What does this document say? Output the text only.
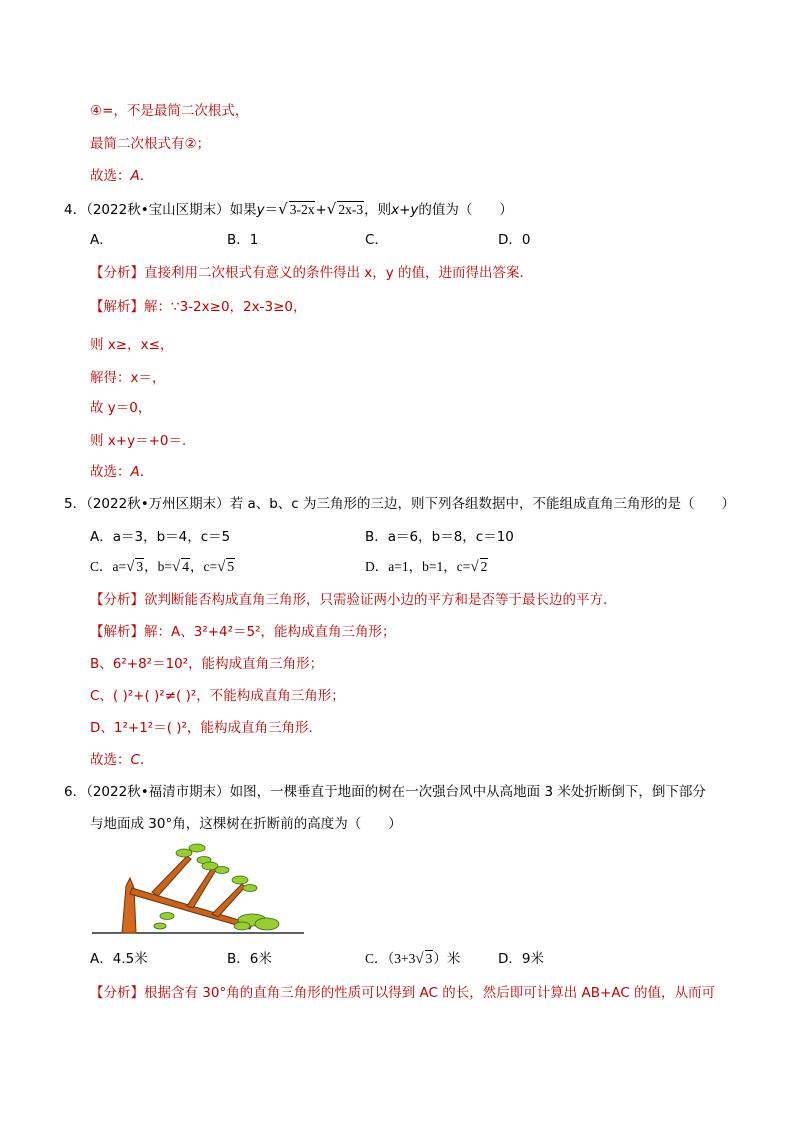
④=，不是最简二次根式，
最简二次根式有②；
故选：A．
4．（2022秋•宝山区期末）如果y＝√ 3-2x+√ 2x-3，则x+y的值为（　　）
A．	B．1	C．	D．0
【分析】直接利用二次根式有意义的条件得出 x，y 的值，进而得出答案．
【解析】解：∵3-2x≥0，2x-3≥0，
则 x≥，x≤，
解得：x＝，
故 y＝0，
则 x+y＝+0＝．
故选：A．
5．（2022秋•万州区期末）若 a、b、c 为三角形的三边，则下列各组数据中，不能组成直角三角形的是（　　）
A．a＝3，b＝4，c＝5	B．a＝6，b＝8，c＝10
C．a=√ 3，b=√ 4，c=√ 5	D．a=1，b=1，c=√ 2
【分析】欲判断能否构成直角三角形，只需验证两小边的平方和是否等于最长边的平方．
【解析】解：A、3²+4²＝5²，能构成直角三角形；
B、6²+8²＝10²，能构成直角三角形；
C、( )²+( )²≠( )²，不能构成直角三角形；
D、1²+1²＝( )²，能构成直角三角形．
故选：C．
6．（2022秋•福清市期末）如图，一棵垂直于地面的树在一次强台风中从高地面 3 米处折断倒下，倒下部分
与地面成 30°角，这棵树在折断前的高度为（　　）
A．4.5米	B．6米	C．（3+3√ 3）米	D．9米
【分析】根据含有 30°角的直角三角形的性质可以得到 AC 的长，然后即可计算出 AB+AC 的值，从而可
